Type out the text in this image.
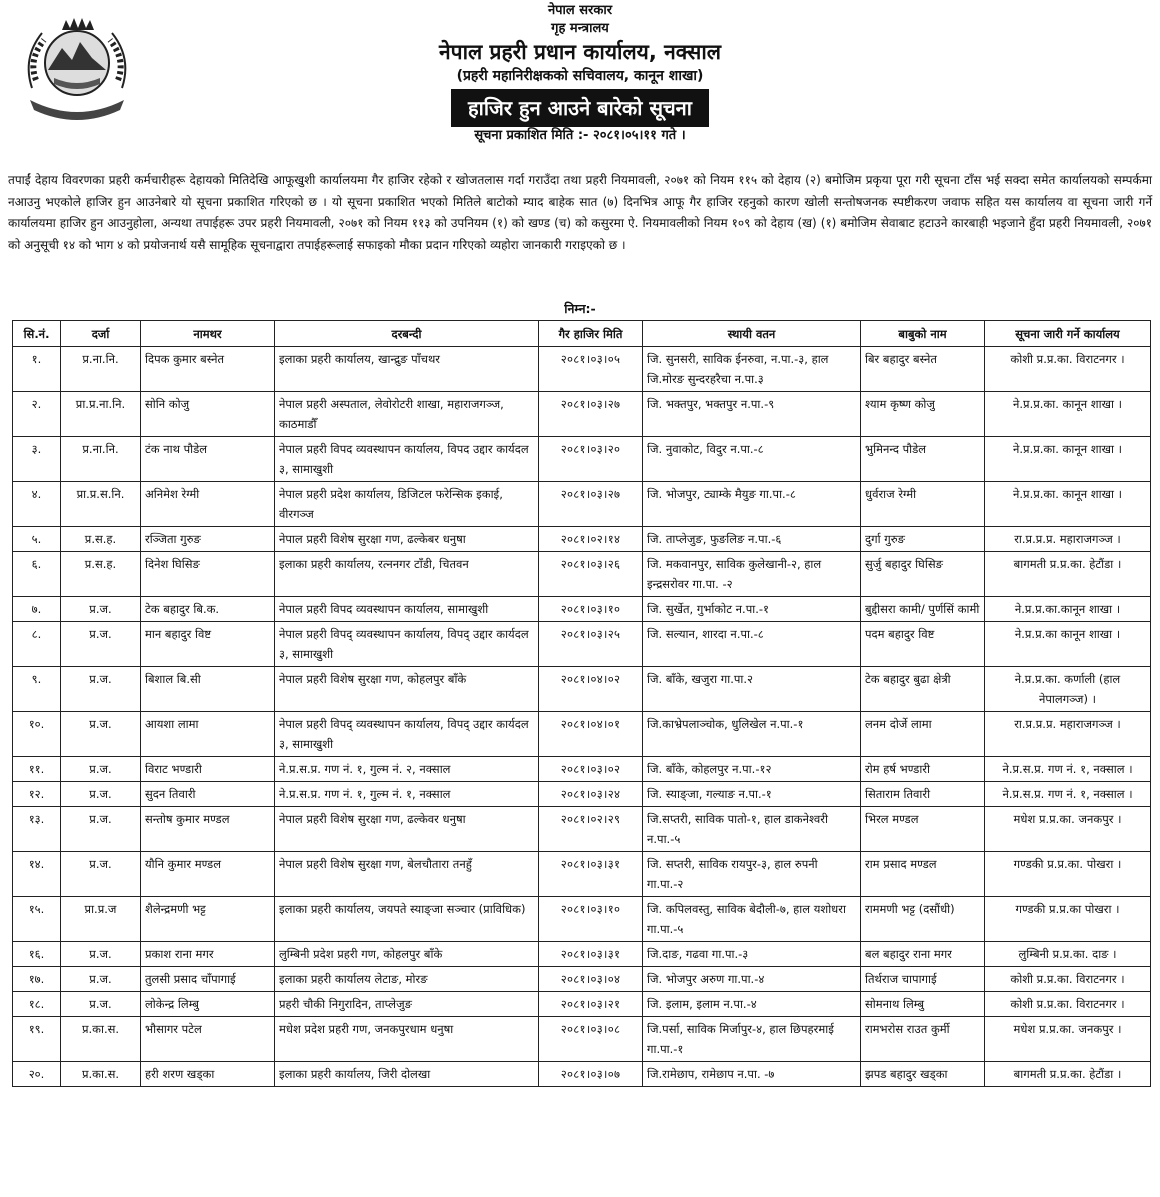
नेपाल सरकार
गृह मन्त्रालय
नेपाल प्रहरी प्रधान कार्यालय, नक्साल
(प्रहरी महानिरीक्षकको सचिवालय, कानून शाखा)
हाजिर हुन आउने बारेको सूचना
सूचना प्रकाशित मिति :- २०८१।०५।११ गते ।
तपाईं देहाय विवरणका प्रहरी कर्मचारीहरू देहायको मितिदेखि आफूखुशी कार्यालयमा गैर हाजिर रहेको र खोजतलास गर्दा गराउँदा तथा प्रहरी नियमावली, २०७१ को नियम ११५ को देहाय (२) बमोजिम प्रकृया पूरा गरी सूचना टाँस भई सक्दा समेत कार्यालयको सम्पर्कमा नआउनु भएकोले हाजिर हुन आउनेबारे यो सूचना प्रकाशित गरिएको छ । यो सूचना प्रकाशित भएको मितिले बाटोको म्याद बाहेक सात (७) दिनभित्र आफू गैर हाजिर रहनुको कारण खोली सन्तोषजनक स्पष्टीकरण जवाफ सहित यस कार्यालय वा सूचना जारी गर्ने कार्यालयमा हाजिर हुन आउनुहोला, अन्यथा तपाईहरू उपर प्रहरी नियमावली, २०७१ को नियम ११३ को उपनियम (१) को खण्ड (च) को कसुरमा ऐ. नियमावलीको नियम १०९ को देहाय (ख) (१) बमोजिम सेवाबाट हटाउने कारबाही भइजाने हुँदा प्रहरी नियमावली, २०७१ को अनुसूची १४ को भाग ४ को प्रयोजनार्थ यसै सामूहिक सूचनाद्वारा तपाईहरूलाई सफाइको मौका प्रदान गरिएको व्यहोरा जानकारी गराइएको छ ।
निम्न:-
सि.नं.	दर्जा	नामथर	दरबन्दी	गैर हाजिर मिति	स्थायी वतन	बाबुको नाम	सूचना जारी गर्ने कार्यालय
१.	प्र.ना.नि.	दिपक कुमार बस्नेत	इलाका प्रहरी कार्यालय, खान्द्रुङ पाँचथर	२०८१।०३।०५	जि. सुनसरी, साविक ईनरुवा, न.पा.-३, हाल जि.मोरङ सुन्दरहरैचा न.पा.३	बिर बहादुर बस्नेत	कोशी प्र.प्र.का. विराटनगर ।
२.	प्रा.प्र.ना.नि.	सोनि कोजु	नेपाल प्रहरी अस्पताल, लेवोरोटरी शाखा, महाराजगञ्ज, काठमाडौँ	२०८१।०३।२७	जि. भक्तपुर, भक्तपुर न.पा.-९	श्याम कृष्ण कोजु	ने.प्र.प्र.का. कानून शाखा ।
३.	प्र.ना.नि.	टंक नाथ पौडेल	नेपाल प्रहरी विपद व्यवस्थापन कार्यालय, विपद उद्दार कार्यदल ३, सामाखुशी	२०८१।०३।२०	जि. नुवाकोट, विदुर न.पा.-८	भुमिनन्द पौडेल	ने.प्र.प्र.का. कानून शाखा ।
४.	प्रा.प्र.स.नि.	अनिमेश रेग्मी	नेपाल प्रहरी प्रदेश कार्यालय, डिजिटल फरेन्सिक इकाई, वीरगञ्ज	२०८१।०३।२७	जि. भोजपुर, ट्याम्के मैयुङ गा.पा.-८	धुर्वराज रेग्मी	ने.प्र.प्र.का. कानून शाखा ।
५.	प्र.स.ह.	रञ्जिता गुरुङ	नेपाल प्रहरी विशेष सुरक्षा गण, ढल्केबर धनुषा	२०८१।०२।१४	जि. ताप्लेजुङ, फुङलिङ न.पा.-६	दुर्गा गुरुङ	रा.प्र.प्र.प्र. महाराजगञ्ज ।
६.	प्र.स.ह.	दिनेश घिसिङ	इलाका प्रहरी कार्यालय, रत्ननगर टाँडी, चितवन	२०८१।०३।२६	जि. मकवानपुर, साविक कुलेखानी-२, हाल इन्द्रसरोवर गा.पा. -२	सुर्जु बहादुर घिसिङ	बागमती प्र.प्र.का. हेटौंडा ।
७.	प्र.ज.	टेक बहादुर बि.क.	नेपाल प्रहरी विपद व्यवस्थापन कार्यालय, सामाखुशी	२०८१।०३।१०	जि. सुर्खेत, गुर्भाकोट न.पा.-१	बुद्दीसरा कामी/ पुर्णसिं कामी	ने.प्र.प्र.का.कानून शाखा ।
८.	प्र.ज.	मान बहादुर विष्ट	नेपाल प्रहरी विपद् व्यवस्थापन कार्यालय, विपद् उद्दार कार्यदल ३, सामाखुशी	२०८१।०३।२५	जि. सल्यान, शारदा न.पा.-८	पदम बहादुर विष्ट	ने.प्र.प्र.का कानून शाखा ।
९.	प्र.ज.	बिशाल बि.सी	नेपाल प्रहरी विशेष सुरक्षा गण, कोहलपुर बाँके	२०८१।०४।०२	जि. बाँके, खजुरा गा.पा.२	टेक बहादुर बुढा क्षेत्री	ने.प्र.प्र.का. कर्णाली (हाल नेपालगञ्ज) ।
१०.	प्र.ज.	आयशा लामा	नेपाल प्रहरी विपद् व्यवस्थापन कार्यालय, विपद् उद्दार कार्यदल ३, सामाखुशी	२०८१।०४।०१	जि.काभ्रेपलाञ्चोक, धुलिखेल न.पा.-१	लनम दोर्जे लामा	रा.प्र.प्र.प्र. महाराजगञ्ज ।
११.	प्र.ज.	विराट भण्डारी	ने.प्र.स.प्र. गण नं. १, गुल्म नं. २, नक्साल	२०८१।०३।०२	जि. बाँके, कोहलपुर न.पा.-१२	रोम हर्ष भण्डारी	ने.प्र.स.प्र. गण नं. १, नक्साल ।
१२.	प्र.ज.	सुदन तिवारी	ने.प्र.स.प्र. गण नं. १, गुल्म नं. १, नक्साल	२०८१।०३।२४	जि. स्याङ्जा, गल्याङ न.पा.-१	सिताराम तिवारी	ने.प्र.स.प्र. गण नं. १, नक्साल ।
१३.	प्र.ज.	सन्तोष कुमार मण्डल	नेपाल प्रहरी विशेष सुरक्षा गण, ढल्केवर धनुषा	२०८१।०२।२९	जि.सप्तरी, साविक पातो-१, हाल डाकनेश्वरी न.पा.-५	भिरल मण्डल	मधेश प्र.प्र.का. जनकपुर ।
१४.	प्र.ज.	यौनि कुमार मण्डल	नेपाल प्रहरी विशेष सुरक्षा गण, बेलचौतारा तनहुँ	२०८१।०३।३१	जि. सप्तरी, साविक रायपुर-३, हाल रुपनी गा.पा.-२	राम प्रसाद मण्डल	गण्डकी प्र.प्र.का. पोखरा ।
१५.	प्रा.प्र.ज	शैलेन्द्रमणी भट्ट	इलाका प्रहरी कार्यालय, जयपते स्याङ्जा सञ्चार (प्राविधिक)	२०८१।०३।१०	जि. कपिलवस्तु, साविक बेदौली-७, हाल यशोधरा गा.पा.-५	राममणी भट्ट (दसौंधी)	गण्डकी प्र.प्र.का पोखरा ।
१६.	प्र.ज.	प्रकाश राना मगर	लुम्बिनी प्रदेश प्रहरी गण, कोहलपुर बाँके	२०८१।०३।३१	जि.दाङ, गढवा गा.पा.-३	बल बहादुर राना मगर	लुम्बिनी प्र.प्र.का. दाङ ।
१७.	प्र.ज.	तुलसी प्रसाद चाँपागाई	इलाका प्रहरी कार्यालय लेटाङ, मोरङ	२०८१।०३।०४	जि. भोजपुर अरुण गा.पा.-४	तिर्थराज चापागाई	कोशी प्र.प्र.का. विराटनगर ।
१८.	प्र.ज.	लोकेन्द्र लिम्बु	प्रहरी चौकी निगुरादिन, ताप्लेजुङ	२०८१।०३।२१	जि. इलाम, इलाम न.पा.-४	सोमनाथ लिम्बु	कोशी प्र.प्र.का. विराटनगर ।
१९.	प्र.का.स.	भौसागर पटेल	मधेश प्रदेश प्रहरी गण, जनकपुरधाम धनुषा	२०८१।०३।०८	जि.पर्सा, साविक मिर्जापुर-४, हाल छिपहरमाई गा.पा.-१	रामभरोस राउत कुर्मी	मधेश प्र.प्र.का. जनकपुर ।
२०.	प्र.का.स.	हरी शरण खड्का	इलाका प्रहरी कार्यालय, जिरी दोलखा	२०८१।०३।०७	जि.रामेछाप, रामेछाप न.पा. -७	झपड बहादुर खड्का	बागमती प्र.प्र.का. हेटौंडा ।
